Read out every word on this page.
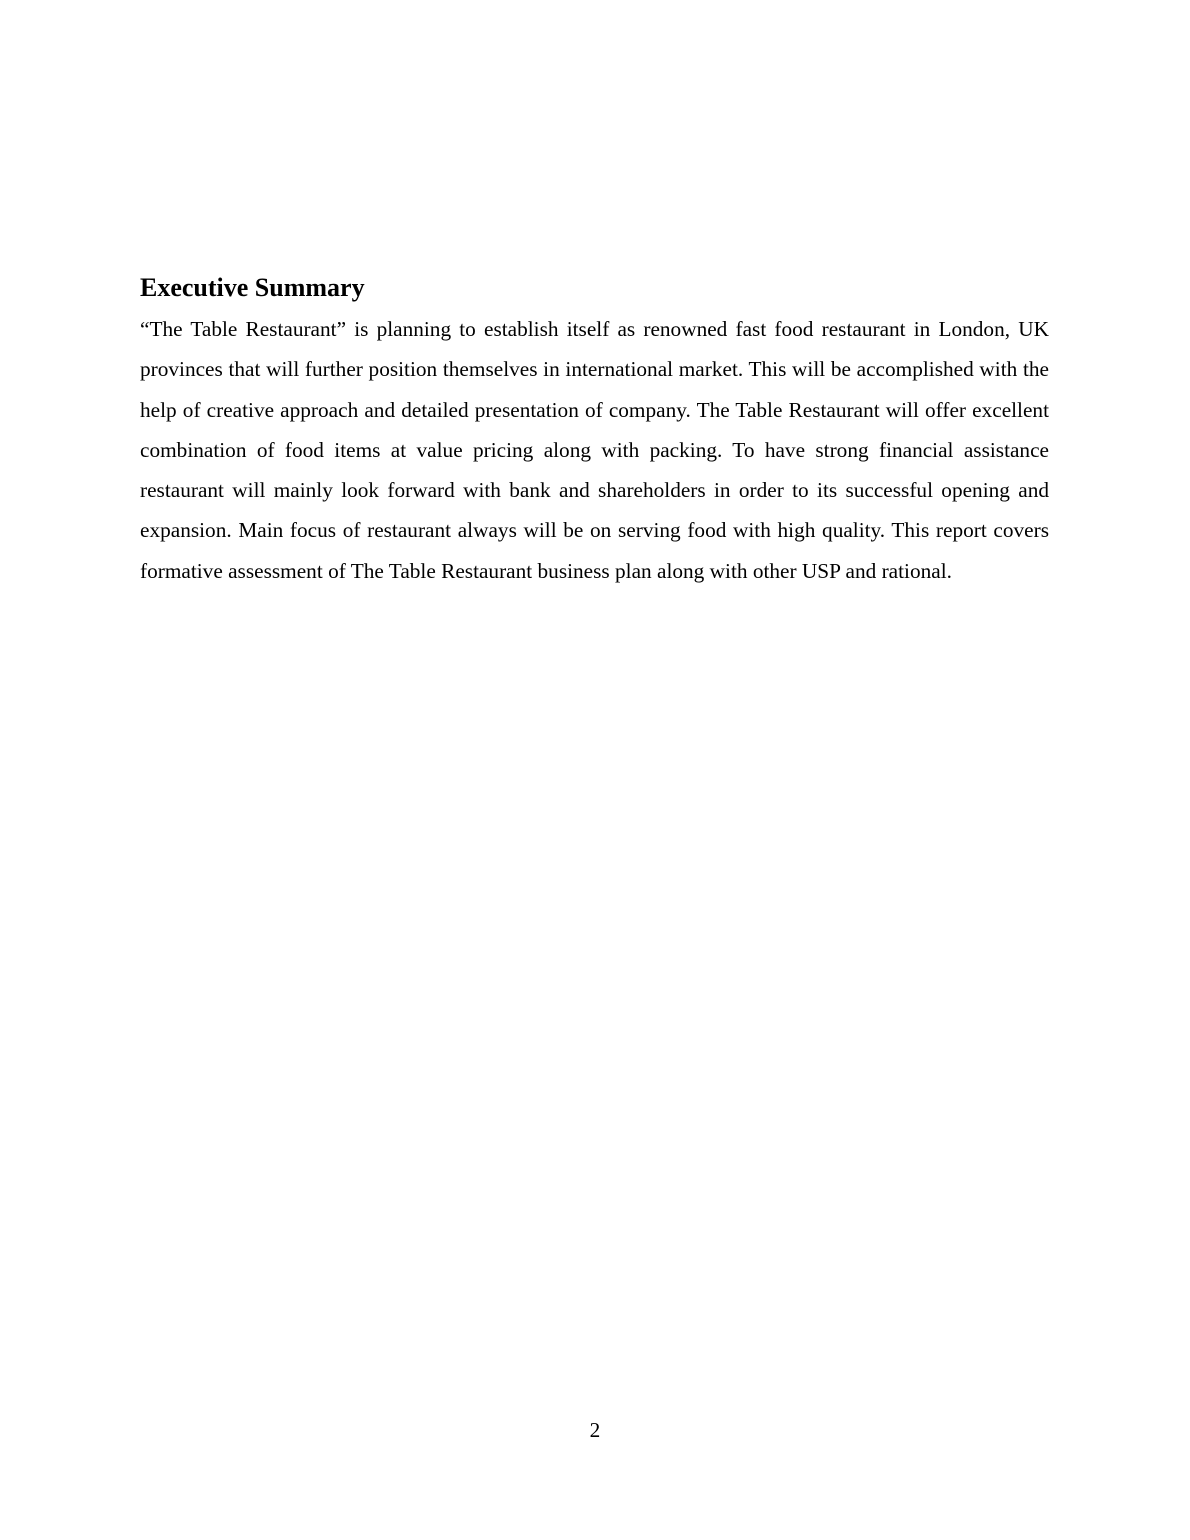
Executive Summary

“The Table Restaurant” is planning to establish itself as renowned fast food restaurant in London, UK provinces that will further position themselves in international market. This will be accomplished with the help of creative approach and detailed presentation of company. The Table Restaurant will offer excellent combination of food items at value pricing along with packing. To have strong financial assistance restaurant will mainly look forward with bank and shareholders in order to its successful opening and expansion. Main focus of restaurant always will be on serving food with high quality. This report covers formative assessment of The Table Restaurant business plan along with other USP and rational.

2
